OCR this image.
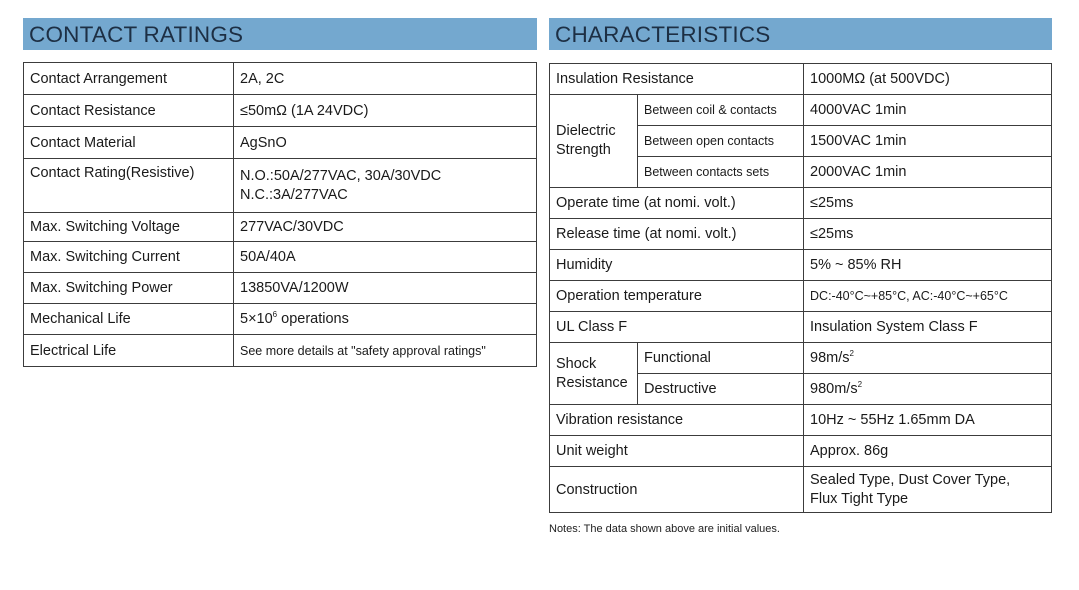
CONTACT RATINGS
Contact Arrangement	2A, 2C
Contact Resistance	≤50mΩ (1A 24VDC)
Contact Material	AgSnO
Contact Rating(Resistive)	N.O.:50A/277VAC, 30A/30VDC
N.C.:3A/277VAC

Max. Switching Voltage	277VAC/30VDC
Max. Switching Current	50A/40A
Max. Switching Power	13850VA/1200W
Mechanical Life	$5\times 10^6$ operations
Electrical Life	See more details at "safety approval ratings"
CHARACTERISTICS
Insulation Resistance		1000MΩ (at 500VDC)

Dielectric
Strength	Between coil & contacts	4000VAC 1min
	Between open contacts	1500VAC 1min
	Between contacts sets	2000VAC 1min
Operate time (at nomi. volt.)		≤25ms
Release time (at nomi. volt.)		≤25ms
Humidity		5% ~ 85% RH
Operation temperature		DC:-40°C~+85°C, AC:-40°C~+65°C
UL Class F		Insulation System Class F

Shock
Resistance	Functional	$98m/s^2$
	Destructive	$980m/s^2$
Vibration resistance		10Hz ~ 55Hz 1.65mm DA
Unit weight		Approx. 86g
Construction		Sealed Type, Dust Cover Type,
Flux Tight Type
Notes: The data shown above are initial values.
